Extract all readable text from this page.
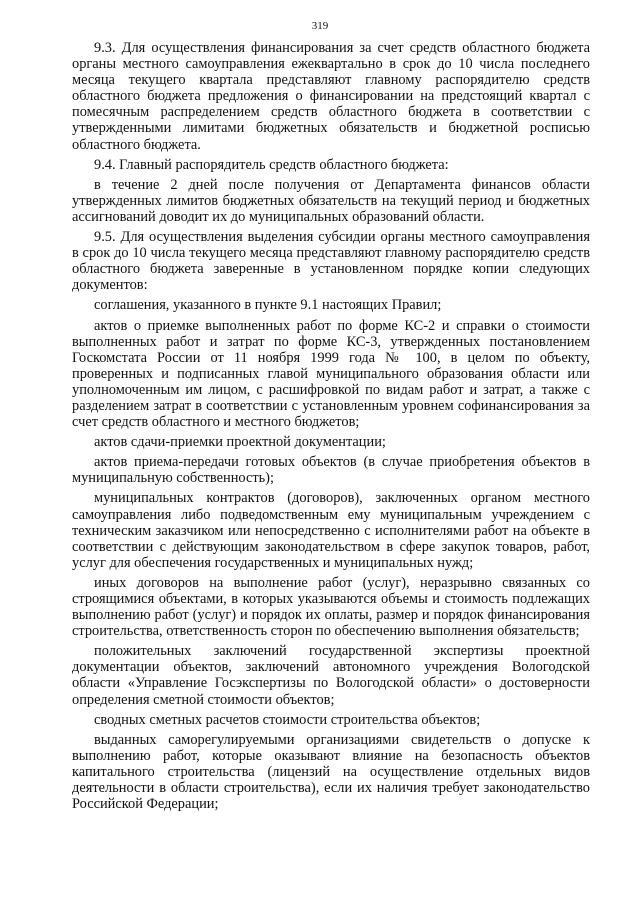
319

9.3. Для осуществления финансирования за счет средств областного бюджета органы местного самоуправления ежеквартально в срок до 10 числа последнего месяца текущего квартала представляют главному распорядителю средств областного бюджета предложения о финансировании на предстоящий квартал с помесячным распределением средств областного бюджета в соответствии с утвержденными лимитами бюджетных обязательств и бюджетной росписью областного бюджета.

9.4. Главный распорядитель средств областного бюджета:

в течение 2 дней после получения от Департамента финансов области утвержденных лимитов бюджетных обязательств на текущий период и бюджетных ассигнований доводит их до муниципальных образований области.

9.5. Для осуществления выделения субсидии органы местного самоуправления в срок до 10 числа текущего месяца представляют главному распорядителю средств областного бюджета заверенные в установленном порядке копии следующих документов:

соглашения, указанного в пункте 9.1 настоящих Правил;

актов о приемке выполненных работ по форме КС-2 и справки о стоимости выполненных работ и затрат по форме КС-3, утвержденных постановлением Госкомстата России от 11 ноября 1999 года № 100, в целом по объекту, проверенных и подписанных главой муниципального образования области или уполномоченным им лицом, с расшифровкой по видам работ и затрат, а также с разделением затрат в соответствии с установленным уровнем софинансирования за счет средств областного и местного бюджетов;

актов сдачи-приемки проектной документации;

актов приема-передачи готовых объектов (в случае приобретения объектов в муниципальную собственность);

муниципальных контрактов (договоров), заключенных органом местного самоуправления либо подведомственным ему муниципальным учреждением с техническим заказчиком или непосредственно с исполнителями работ на объекте в соответствии с действующим законодательством в сфере закупок товаров, работ, услуг для обеспечения государственных и муниципальных нужд;

иных договоров на выполнение работ (услуг), неразрывно связанных со строящимися объектами, в которых указываются объемы и стоимость подлежащих выполнению работ (услуг) и порядок их оплаты, размер и порядок финансирования строительства, ответственность сторон по обеспечению выполнения обязательств;

положительных заключений государственной экспертизы проектной документации объектов, заключений автономного учреждения Вологодской области «Управление Госэкспертизы по Вологодской области» о достоверности определения сметной стоимости объектов;

сводных сметных расчетов стоимости строительства объектов;

выданных саморегулируемыми организациями свидетельств о допуске к выполнению работ, которые оказывают влияние на безопасность объектов капитального строительства (лицензий на осуществление отдельных видов деятельности в области строительства), если их наличия требует законодательство Российской Федерации;
